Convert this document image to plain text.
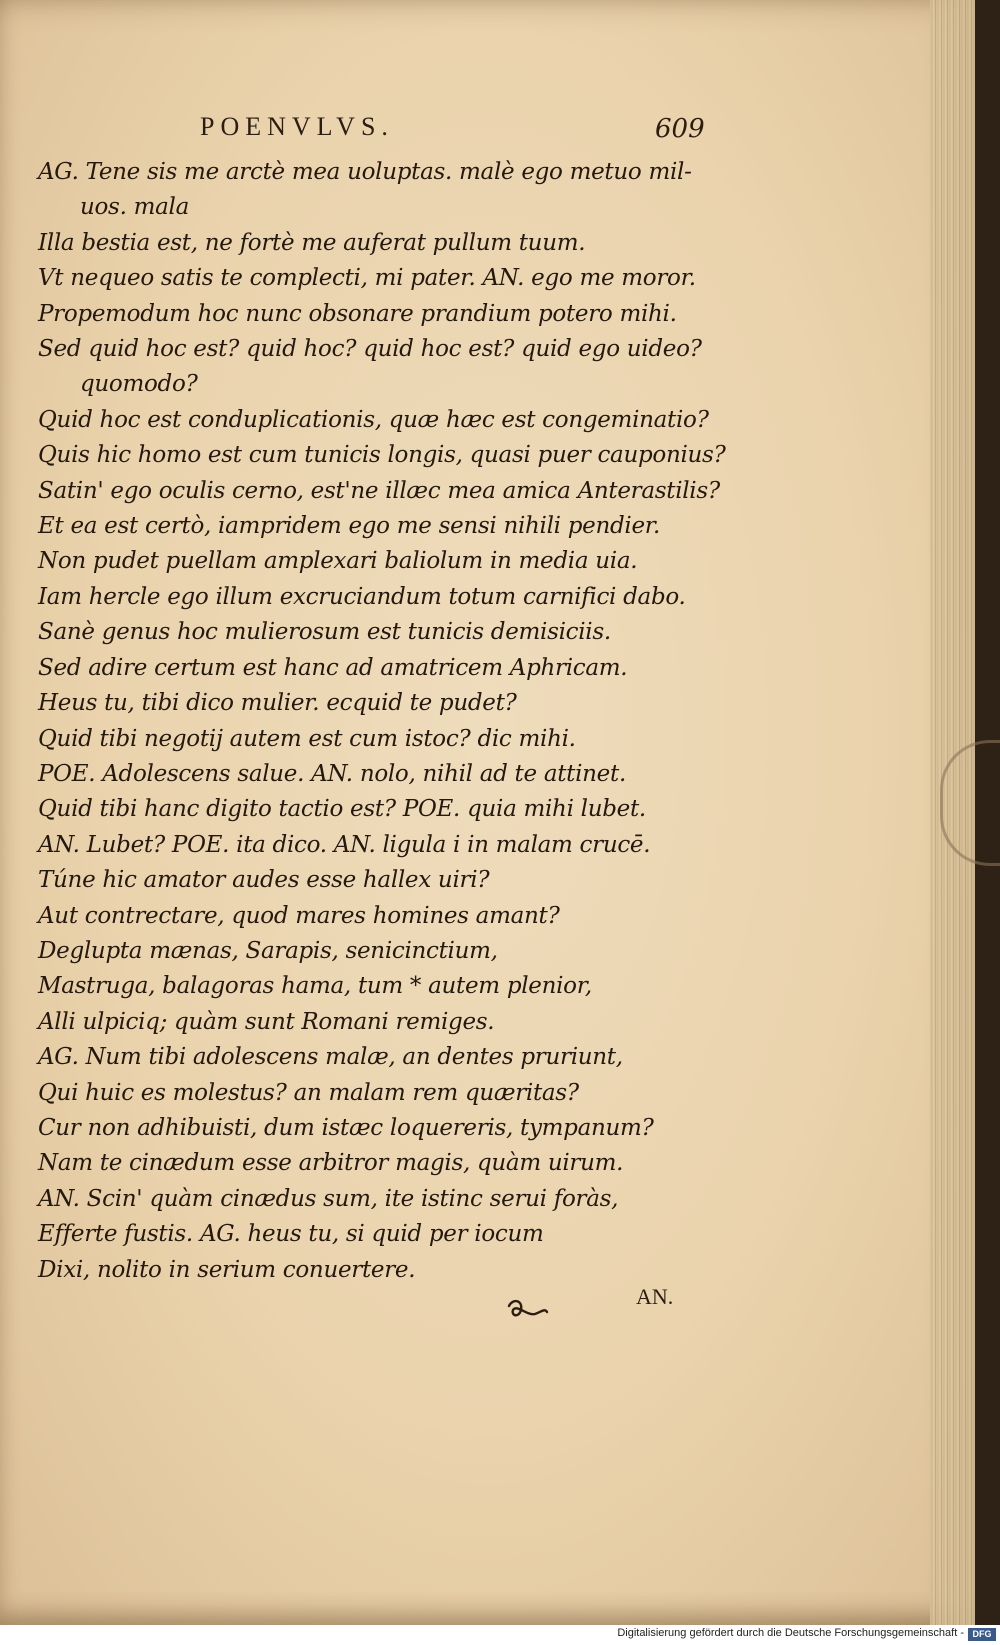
POENVLVS.	609
AG. Tene sis me arctè mea uoluptas. malè ego metuo mil-
uos. mala
Illa bestia est, ne fortè me auferat pullum tuum.
Vt nequeo satis te complecti, mi pater. AN. ego me moror.
Propemodum hoc nunc obsonare prandium potero mihi.
Sed quid hoc est? quid hoc? quid hoc est? quid ego uideo?
quomodo?
Quid hoc est conduplicationis, quæ hæc est congeminatio?
Quis hic homo est cum tunicis longis, quasi puer cauponius?
Satin' ego oculis cerno, est'ne illæc mea amica Anterastilis?
Et ea est certò, iampridem ego me sensi nihili pendier.
Non pudet puellam amplexari baliolum in media uia.
Iam hercle ego illum excruciandum totum carnifici dabo.
Sanè genus hoc mulierosum est tunicis demisiciis.
Sed adire certum est hanc ad amatricem Aphricam.
Heus tu, tibi dico mulier. ecquid te pudet?
Quid tibi negotij autem est cum istoc? dic mihi.
POE. Adolescens salue. AN. nolo, nihil ad te attinet.
Quid tibi hanc digito tactio est? POE. quia mihi lubet.
AN. Lubet? POE. ita dico. AN. ligula i in malam crucē.
Túne hic amator audes esse hallex uiri?
Aut contrectare, quod mares homines amant?
Deglupta mænas, Sarapis, senicinctium,
Mastruga, balagoras hama, tum * autem plenior,
Alli ulpiciq; quàm sunt Romani remiges.
AG. Num tibi adolescens malæ, an dentes pruriunt,
Qui huic es molestus? an malam rem quæritas?
Cur non adhibuisti, dum istæc loquereris, tympanum?
Nam te cinædum esse arbitror magis, quàm uirum.
AN. Scin' quàm cinædus sum, ite istinc serui foràs,
Efferte fustis. AG. heus tu, si quid per iocum
Dixi, nolito in serium conuertere.
AN.
Digitalisierung gefördert durch die Deutsche Forschungsgemeinschaft - DFG
